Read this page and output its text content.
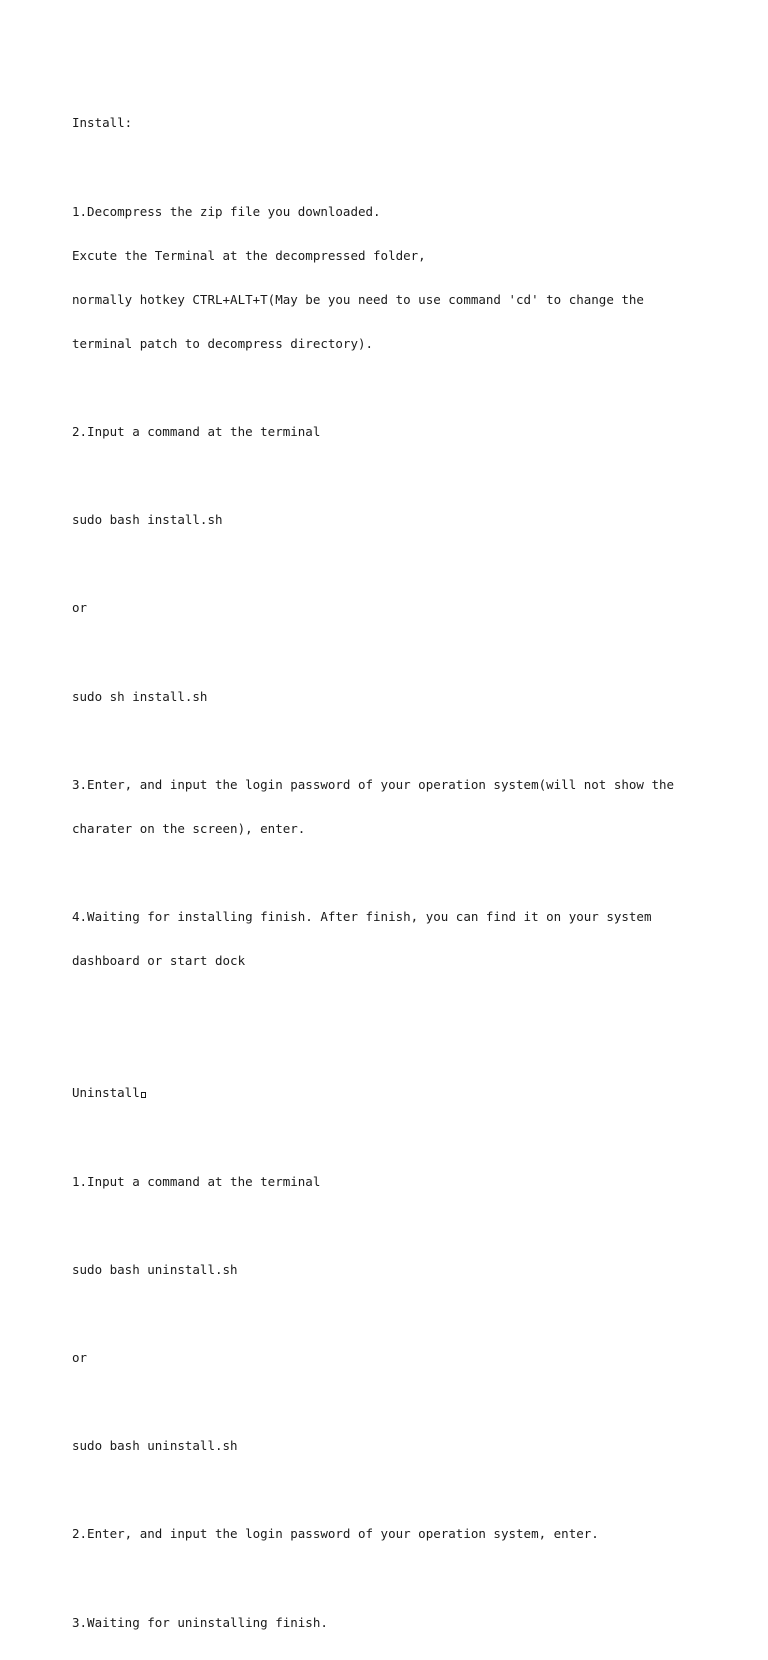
Install:

1.Decompress the zip file you downloaded.

Excute the Terminal at the decompressed folder,

normally hotkey CTRL+ALT+T(May be you need to use command 'cd' to change the

terminal patch to decompress directory).

2.Input a command at the terminal

sudo bash install.sh

or

sudo sh install.sh

3.Enter, and input the login password of your operation system(will not show the

charater on the screen), enter.

4.Waiting for installing finish. After finish, you can find it on your system

dashboard or start dock

Uninstall

1.Input a command at the terminal

sudo bash uninstall.sh

or

sudo bash uninstall.sh

2.Enter, and input the login password of your operation system, enter.

3.Waiting for uninstalling finish.
